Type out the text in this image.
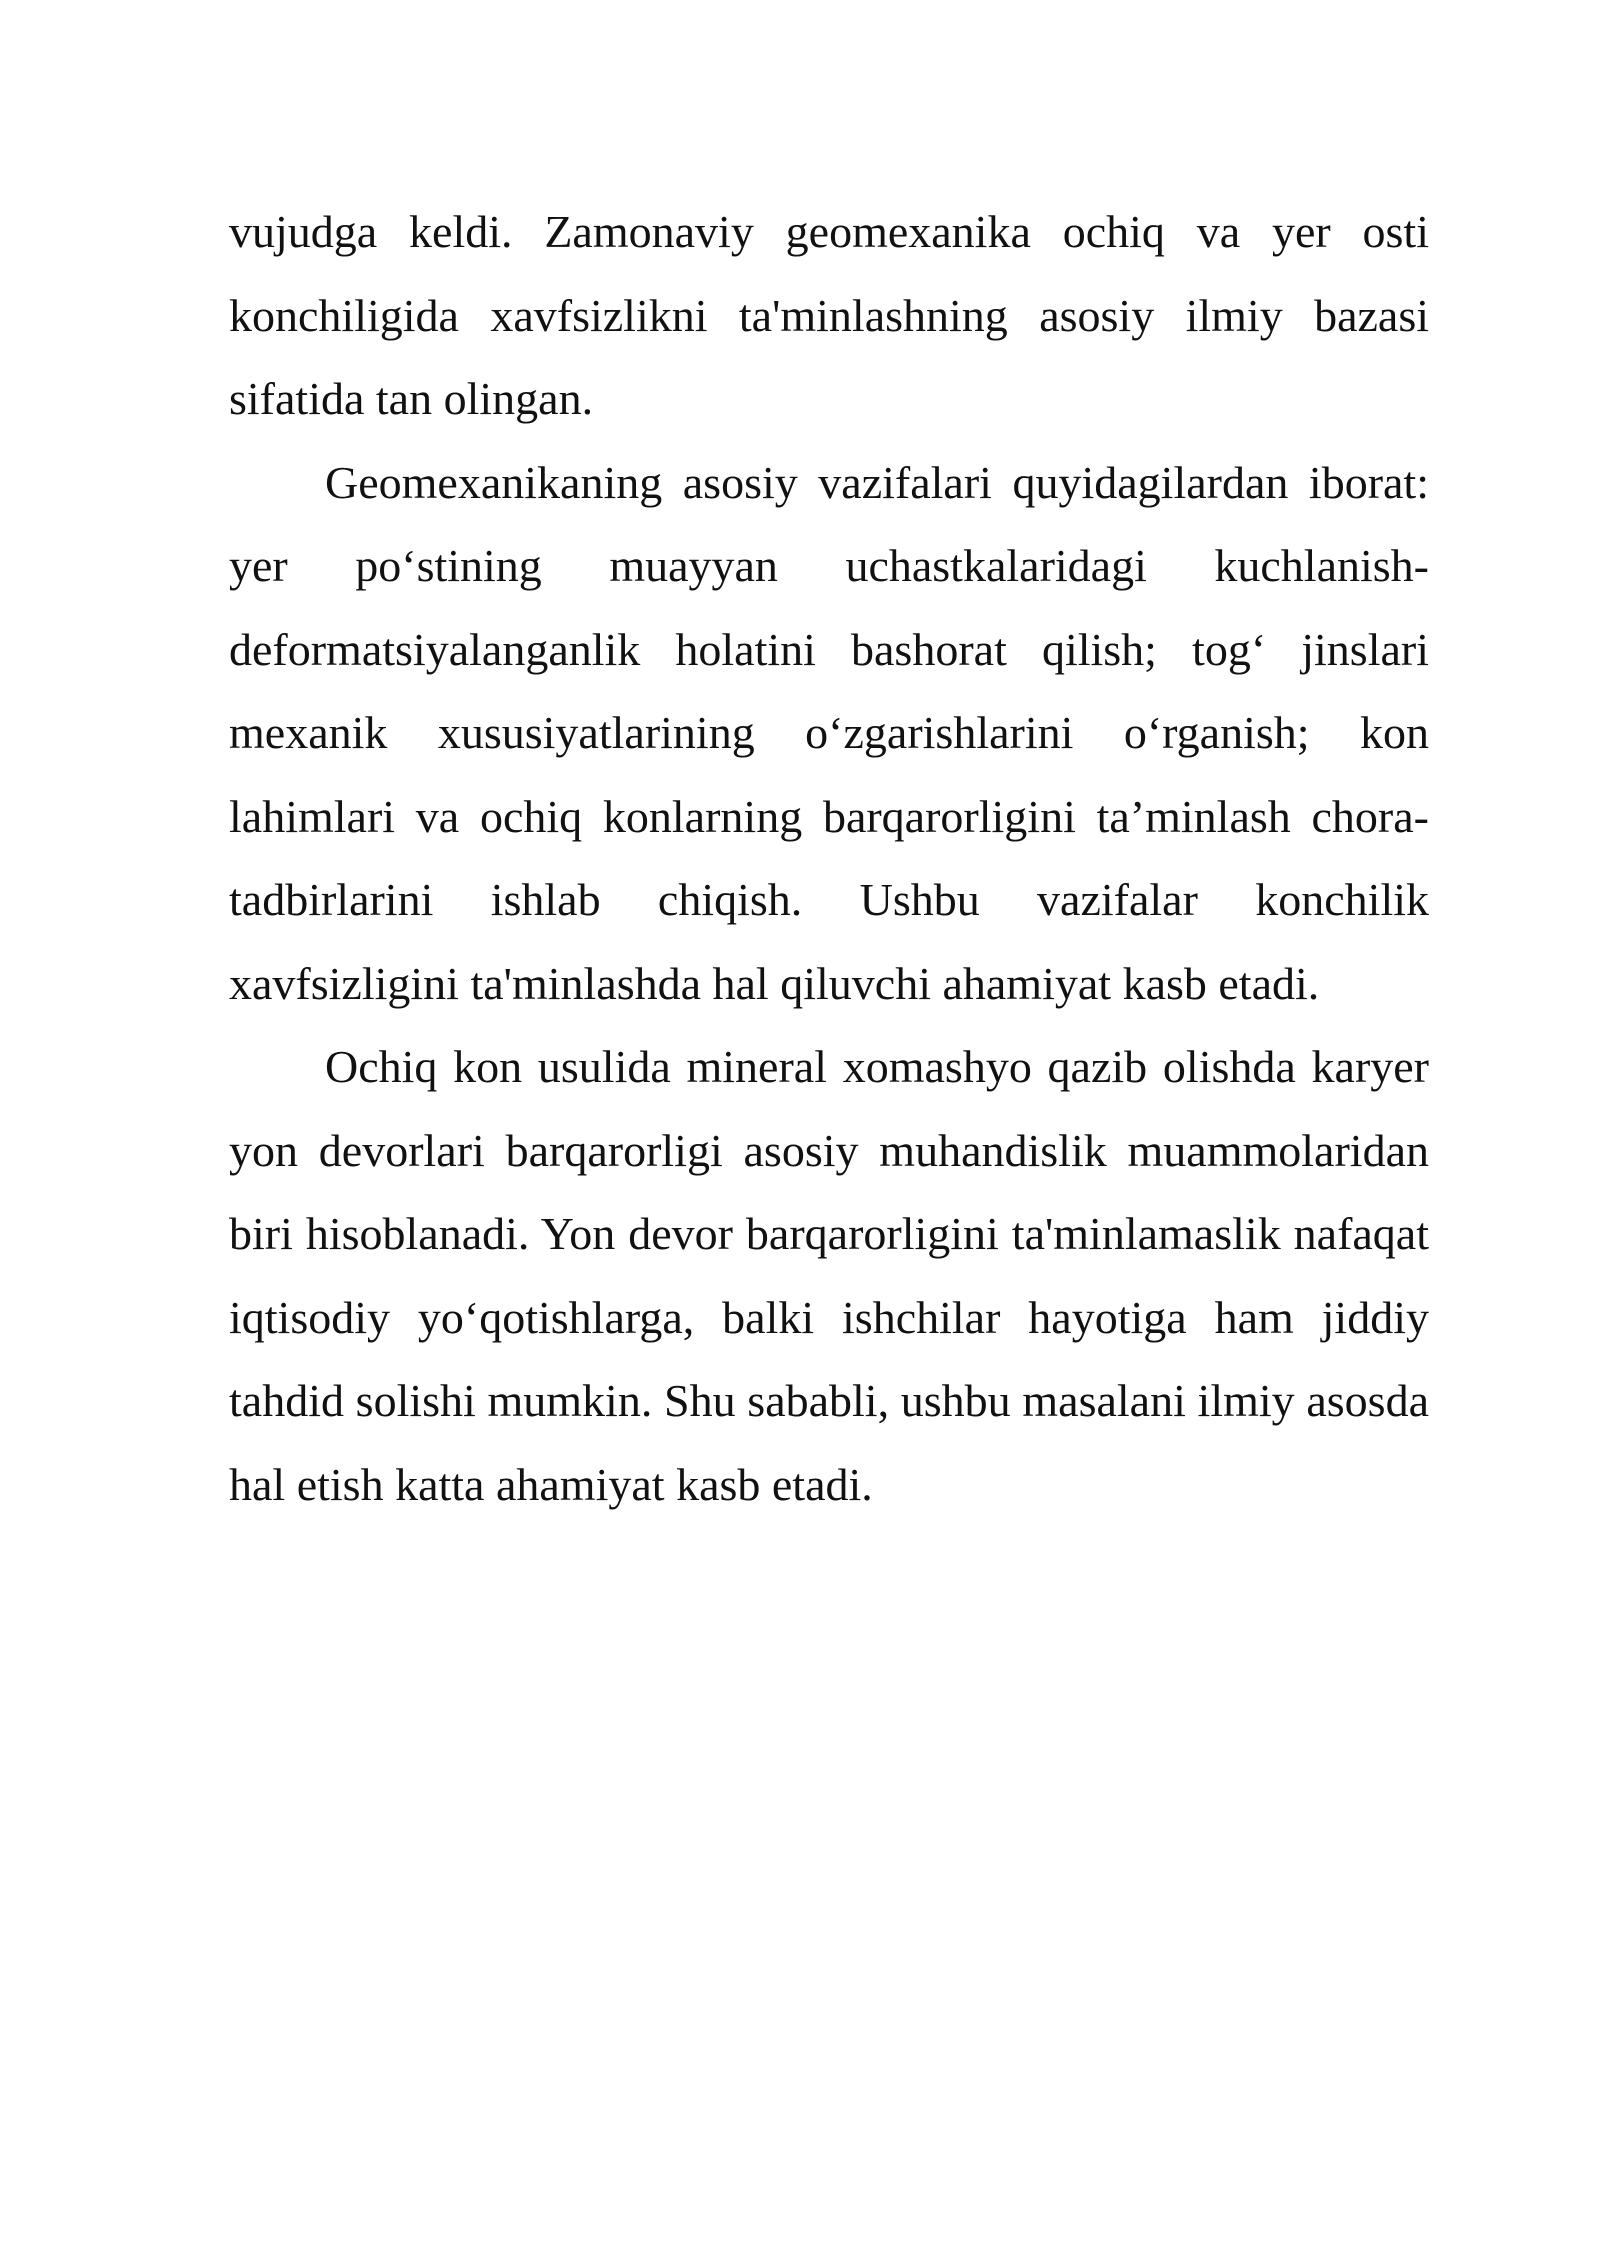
vujudga keldi. Zamonaviy geomexanika ochiq va yer osti konchiligida xavfsizlikni ta'minlashning asosiy ilmiy bazasi sifatida tan olingan.

Geomexanikaning asosiy vazifalari quyidagilardan iborat: yer po‘stining muayyan uchastkalaridagi kuchlanish-deformatsiyalanganlik holatini bashorat qilish; tog‘ jinslari mexanik xususiyatlarining o‘zgarishlarini o‘rganish; kon lahimlari va ochiq konlarning barqarorligini ta’minlash chora-tadbirlarini ishlab chiqish. Ushbu vazifalar konchilik xavfsizligini ta'minlashda hal qiluvchi ahamiyat kasb etadi.

Ochiq kon usulida mineral xomashyo qazib olishda karyer yon devorlari barqarorligi asosiy muhandislik muammolaridan biri hisoblanadi. Yon devor barqarorligini ta'minlamaslik nafaqat iqtisodiy yo‘qotishlarga, balki ishchilar hayotiga ham jiddiy tahdid solishi mumkin. Shu sababli, ushbu masalani ilmiy asosda hal etish katta ahamiyat kasb etadi.
